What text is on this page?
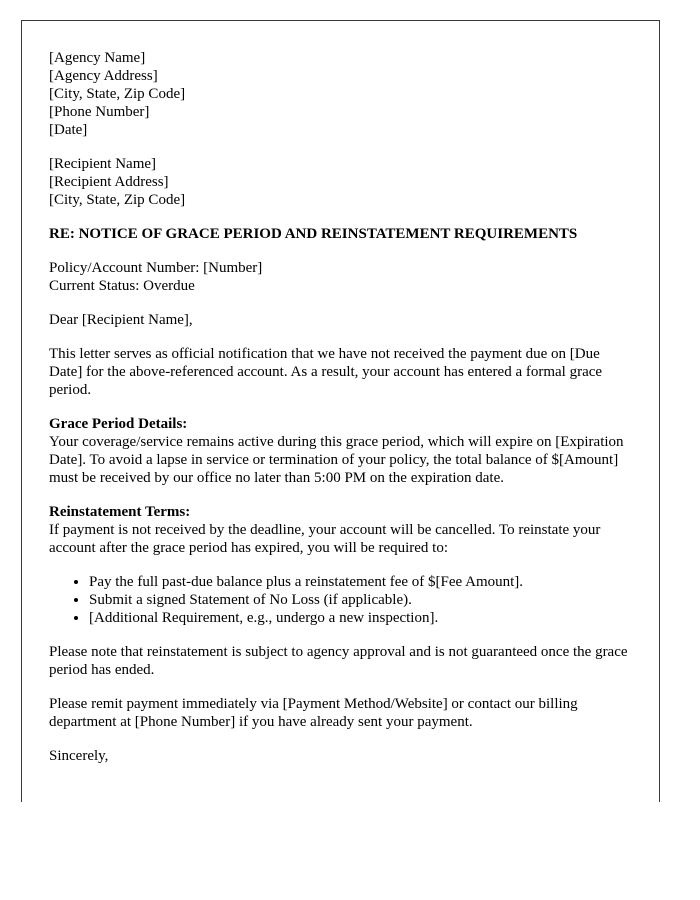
[Agency Name]
[Agency Address]
[City, State, Zip Code]
[Phone Number]
[Date]
[Recipient Name]
[Recipient Address]
[City, State, Zip Code]
RE: NOTICE OF GRACE PERIOD AND REINSTATEMENT REQUIREMENTS
Policy/Account Number: [Number]
Current Status: Overdue
Dear [Recipient Name],
This letter serves as official notification that we have not received the payment due on [Due Date] for the above-referenced account. As a result, your account has entered a formal grace period.
Grace Period Details:
Your coverage/service remains active during this grace period, which will expire on [Expiration Date]. To avoid a lapse in service or termination of your policy, the total balance of $[Amount] must be received by our office no later than 5:00 PM on the expiration date.
Reinstatement Terms:
If payment is not received by the deadline, your account will be cancelled. To reinstate your account after the grace period has expired, you will be required to:
• Pay the full past-due balance plus a reinstatement fee of $[Fee Amount].
• Submit a signed Statement of No Loss (if applicable).
• [Additional Requirement, e.g., undergo a new inspection].
Please note that reinstatement is subject to agency approval and is not guaranteed once the grace period has ended.
Please remit payment immediately via [Payment Method/Website] or contact our billing department at [Phone Number] if you have already sent your payment.
Sincerely,
